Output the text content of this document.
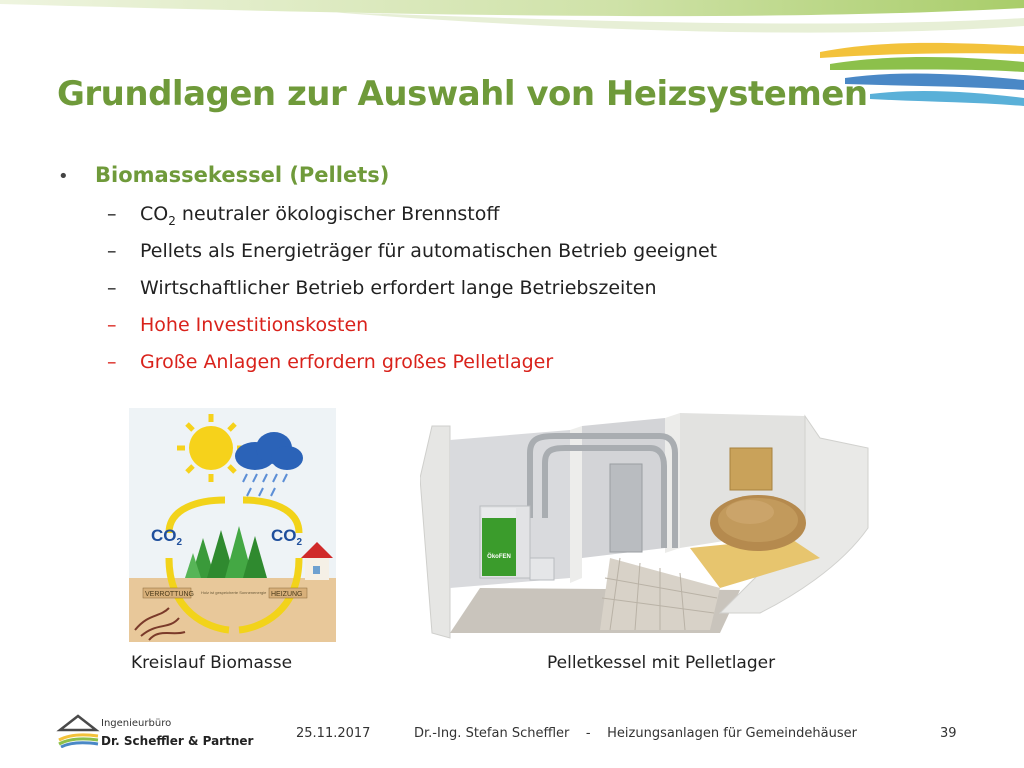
Grundlagen zur Auswahl von Heizsystemen
• Biomassekessel (Pellets)
– $CO_2$ neutraler ökologischer Brennstoff
– Pellets als Energieträger für automatischen Betrieb geeignet
– Wirtschaftlicher Betrieb erfordert lange Betriebszeiten
– Hohe Investitionskosten
– Große Anlagen erfordern großes Pelletlager
$CO_2$	$CO_2$
VERROTTUNG	HEIZUNG
Holz ist gespeicherte Sonnenenergie
Kreislauf Biomasse
ÖkoFEN
Pelletkessel mit Pelletlager
Ingenieurbüro
Dr. Scheffler & Partner	25.11.2017	Dr.-Ing. Stefan Scheffler    -    Heizungsanlagen für Gemeindehäuser	39
